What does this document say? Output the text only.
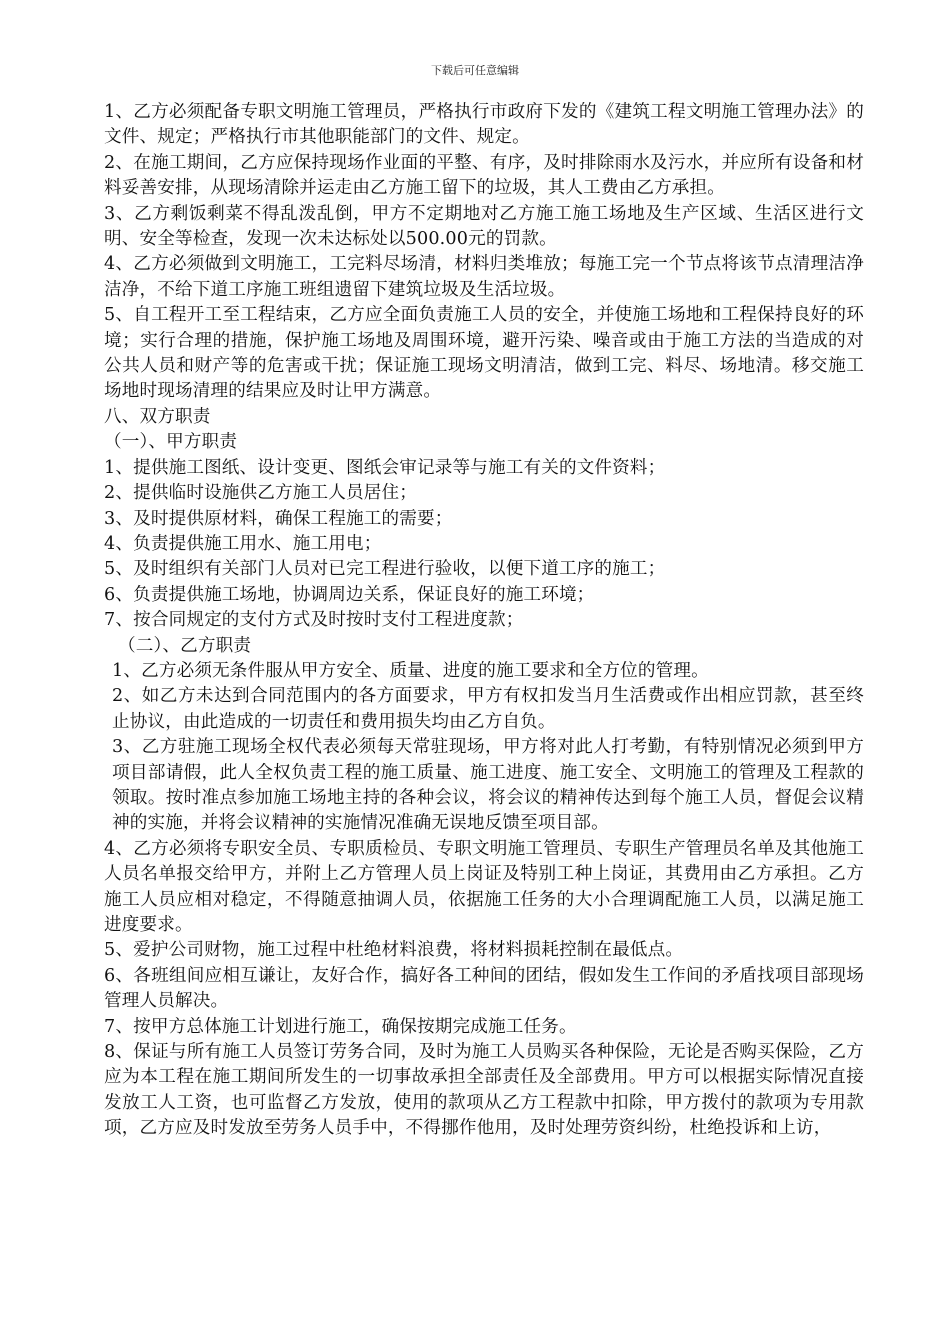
下载后可任意编辑

1、乙方必须配备专职文明施工管理员，严格执行市政府下发的《建筑工程文明施工管理办法》的文件、规定；严格执行市其他职能部门的文件、规定。

2、在施工期间，乙方应保持现场作业面的平整、有序，及时排除雨水及污水，并应所有设备和材料妥善安排，从现场清除并运走由乙方施工留下的垃圾，其人工费由乙方承担。

3、乙方剩饭剩菜不得乱泼乱倒，甲方不定期地对乙方施工施工场地及生产区域、生活区进行文明、安全等检查，发现一次未达标处以500.00元的罚款。

4、乙方必须做到文明施工，工完料尽场清，材料归类堆放；每施工完一个节点将该节点清理洁净洁净，不给下道工序施工班组遗留下建筑垃圾及生活垃圾。

5、自工程开工至工程结束，乙方应全面负责施工人员的安全，并使施工场地和工程保持良好的环境；实行合理的措施，保护施工场地及周围环境，避开污染、噪音或由于施工方法的当造成的对公共人员和财产等的危害或干扰；保证施工现场文明清洁，做到工完、料尽、场地清。移交施工场地时现场清理的结果应及时让甲方满意。

八、双方职责

（一）、甲方职责

1、提供施工图纸、设计变更、图纸会审记录等与施工有关的文件资料；

2、提供临时设施供乙方施工人员居住；

3、及时提供原材料，确保工程施工的需要；

4、负责提供施工用水、施工用电；

5、及时组织有关部门人员对已完工程进行验收，以便下道工序的施工；

6、负责提供施工场地，协调周边关系，保证良好的施工环境；

7、按合同规定的支付方式及时按时支付工程进度款；

（二）、乙方职责

1、乙方必须无条件服从甲方安全、质量、进度的施工要求和全方位的管理。

2、如乙方未达到合同范围内的各方面要求，甲方有权扣发当月生活费或作出相应罚款，甚至终止协议，由此造成的一切责任和费用损失均由乙方自负。

3、乙方驻施工现场全权代表必须每天常驻现场，甲方将对此人打考勤，有特别情况必须到甲方项目部请假，此人全权负责工程的施工质量、施工进度、施工安全、文明施工的管理及工程款的领取。按时准点参加施工场地主持的各种会议，将会议的精神传达到每个施工人员，督促会议精神的实施，并将会议精神的实施情况准确无误地反馈至项目部。

4、乙方必须将专职安全员、专职质检员、专职文明施工管理员、专职生产管理员名单及其他施工人员名单报交给甲方，并附上乙方管理人员上岗证及特别工种上岗证，其费用由乙方承担。乙方施工人员应相对稳定，不得随意抽调人员，依据施工任务的大小合理调配施工人员，以满足施工进度要求。

5、爱护公司财物，施工过程中杜绝材料浪费，将材料损耗控制在最低点。

6、各班组间应相互谦让，友好合作，搞好各工种间的团结，假如发生工作间的矛盾找项目部现场管理人员解决。

7、按甲方总体施工计划进行施工，确保按期完成施工任务。

8、保证与所有施工人员签订劳务合同，及时为施工人员购买各种保险，无论是否购买保险，乙方应为本工程在施工期间所发生的一切事故承担全部责任及全部费用。甲方可以根据实际情况直接发放工人工资，也可监督乙方发放，使用的款项从乙方工程款中扣除，甲方拨付的款项为专用款项，乙方应及时发放至劳务人员手中，不得挪作他用，及时处理劳资纠纷，杜绝投诉和上访，
